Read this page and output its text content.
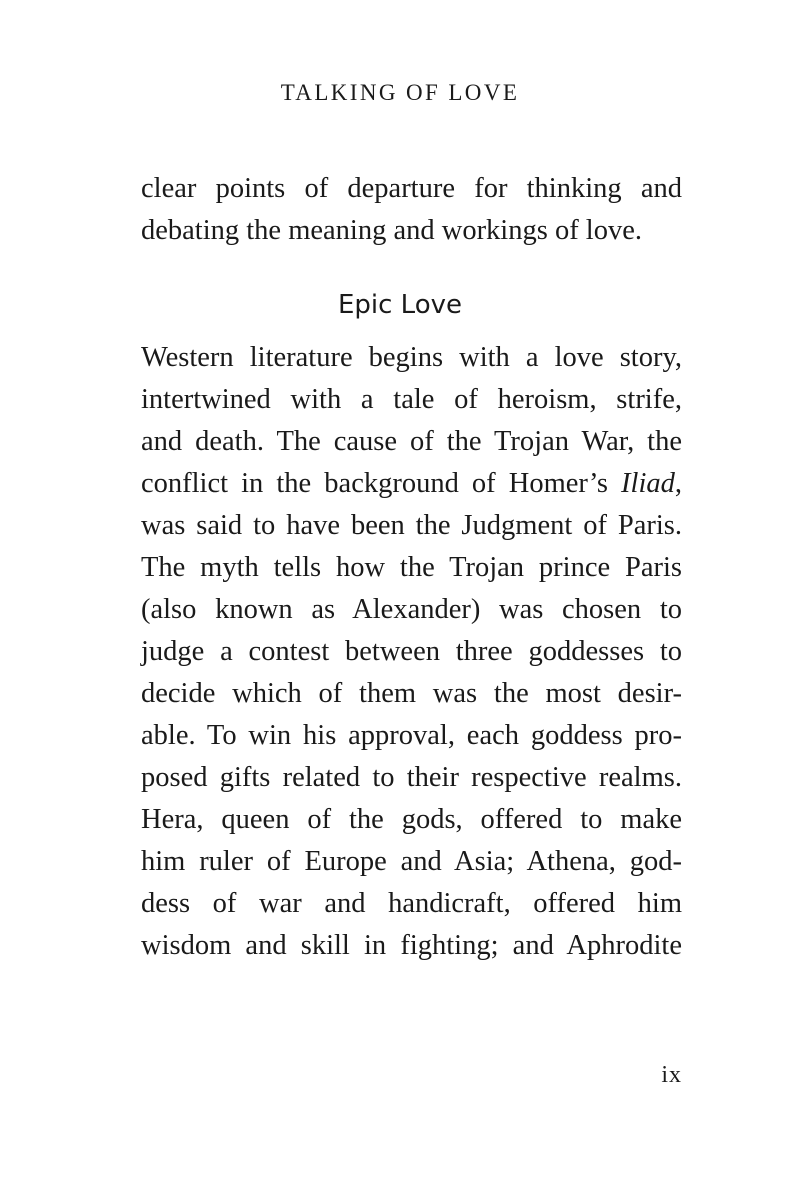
TALKING OF LOVE
clear points of departure for thinking and
debating the meaning and workings of love.
Epic Love
Western literature begins with a love story,
intertwined with a tale of heroism, strife,
and death. The cause of the Trojan War, the
conflict in the background of Homer’s Iliad,
was said to have been the Judgment of Paris.
The myth tells how the Trojan prince Paris
(also known as Alexander) was chosen to
judge a contest between three goddesses to
decide which of them was the most desir-
able. To win his approval, each goddess pro-
posed gifts related to their respective realms.
Hera, queen of the gods, offered to make
him ruler of Europe and Asia; Athena, god-
dess of war and handicraft, offered him
wisdom and skill in fighting; and Aphrodite
ix
